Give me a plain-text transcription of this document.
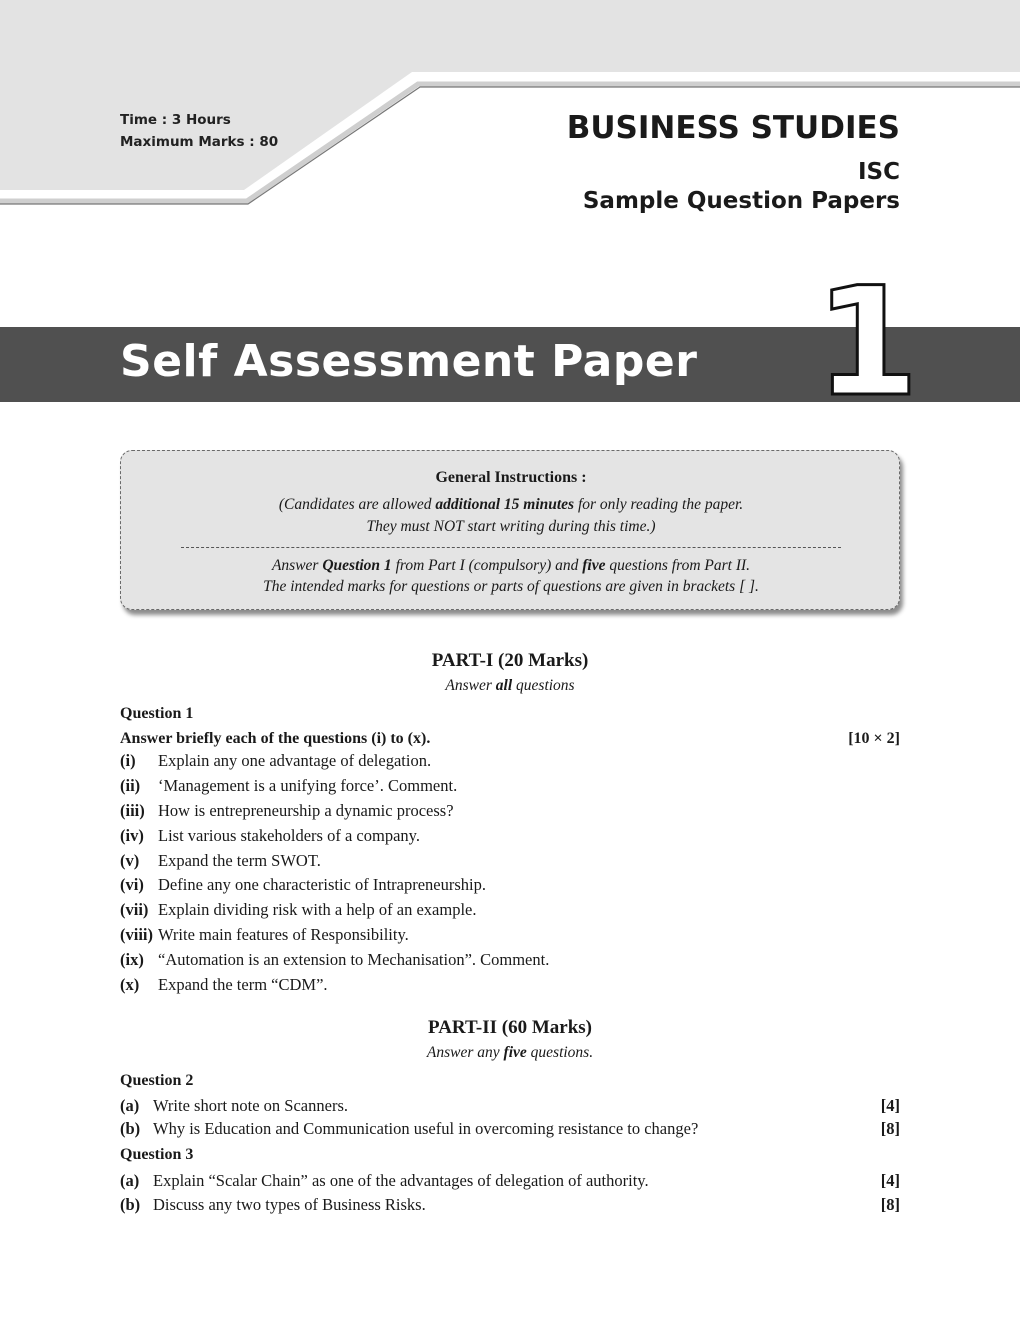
Time : 3 Hours
Maximum Marks : 80	BUSINESS STUDIES
ISC
Sample Question Papers
Self Assessment Paper 1
General Instructions :
(Candidates are allowed additional 15 minutes for only reading the paper.
They must NOT start writing during this time.)
Answer Question 1 from Part I (compulsory) and five questions from Part II.
The intended marks for questions or parts of questions are given in brackets [ ].
PART-I (20 Marks)
Answer all questions
Question 1
Answer briefly each of the questions (i) to (x).	[10 × 2]
(i) Explain any one advantage of delegation.
(ii) ‘Management is a unifying force’. Comment.
(iii) How is entrepreneurship a dynamic process?
(iv) List various stakeholders of a company.
(v) Expand the term SWOT.
(vi) Define any one characteristic of Intrapreneurship.
(vii) Explain dividing risk with a help of an example.
(viii) Write main features of Responsibility.
(ix) “Automation is an extension to Mechanisation”. Comment.
(x) Expand the term “CDM”.
PART-II (60 Marks)
Answer any five questions.
Question 2
(a) Write short note on Scanners.	[4]
(b) Why is Education and Communication useful in overcoming resistance to change?	[8]
Question 3
(a) Explain “Scalar Chain” as one of the advantages of delegation of authority.	[4]
(b) Discuss any two types of Business Risks.	[8]
